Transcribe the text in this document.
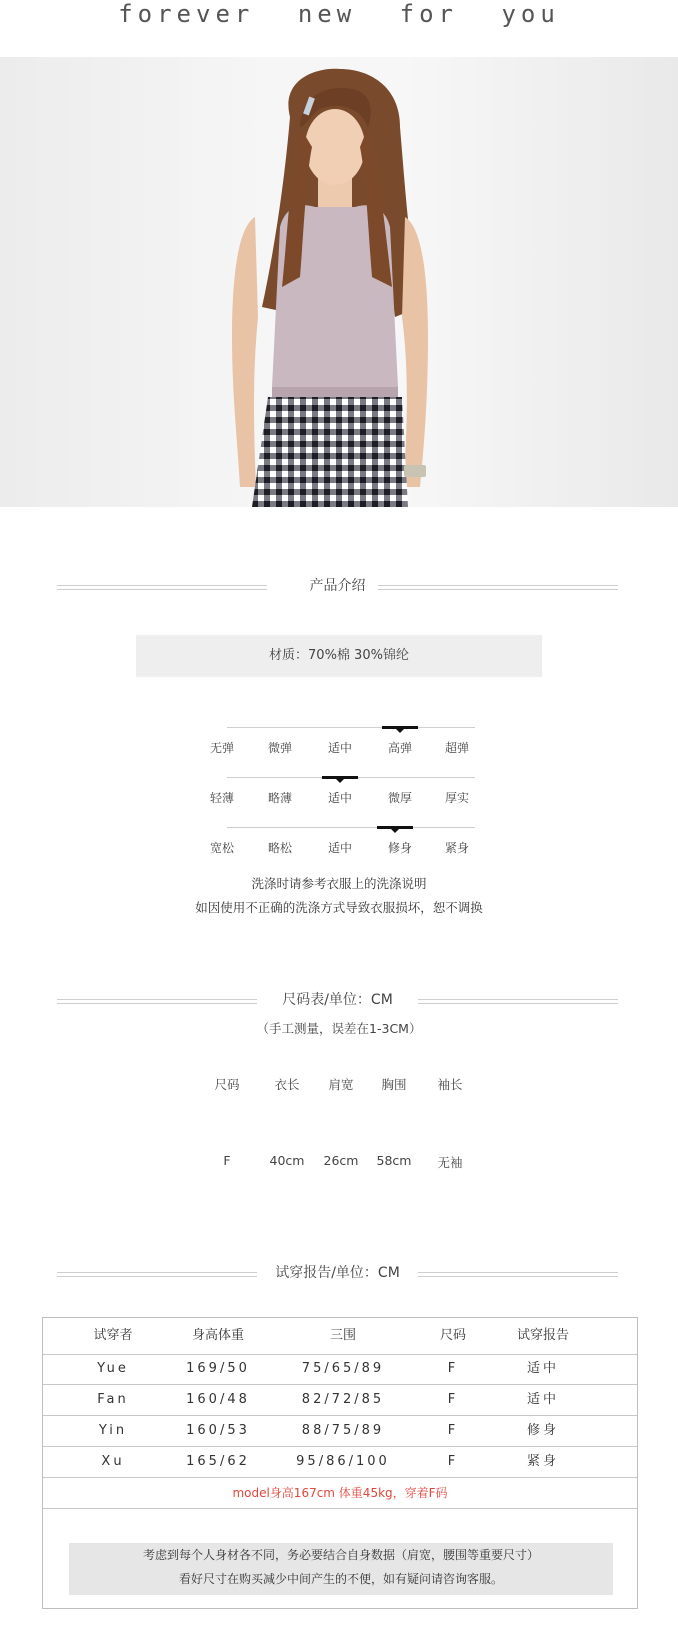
forever new for you
产品介绍
材质：70%棉 30%锦纶
无弹	微弹	适中	高弹	超弹
轻薄	略薄	适中	微厚	厚实
宽松	略松	适中	修身	紧身
洗涤时请参考衣服上的洗涤说明
如因使用不正确的洗涤方式导致衣服损坏，恕不调换
尺码表/单位：CM
（手工测量，误差在1-3CM）
尺码	衣长	肩宽	胸围	袖长
F	40cm	26cm	58cm	无袖
试穿报告/单位：CM
试穿者	身高体重	三围	尺码	试穿报告
Yue	169/50	75/65/89	F	适中
Fan	160/48	82/72/85	F	适中
Yin	160/53	88/75/89	F	修身
Xu	165/62	95/86/100	F	紧身
model身高167cm 体重45kg，穿着F码
考虑到每个人身材各不同，务必要结合自身数据（肩宽，腰围等重要尺寸）
看好尺寸在购买减少中间产生的不便，如有疑问请咨询客服。
